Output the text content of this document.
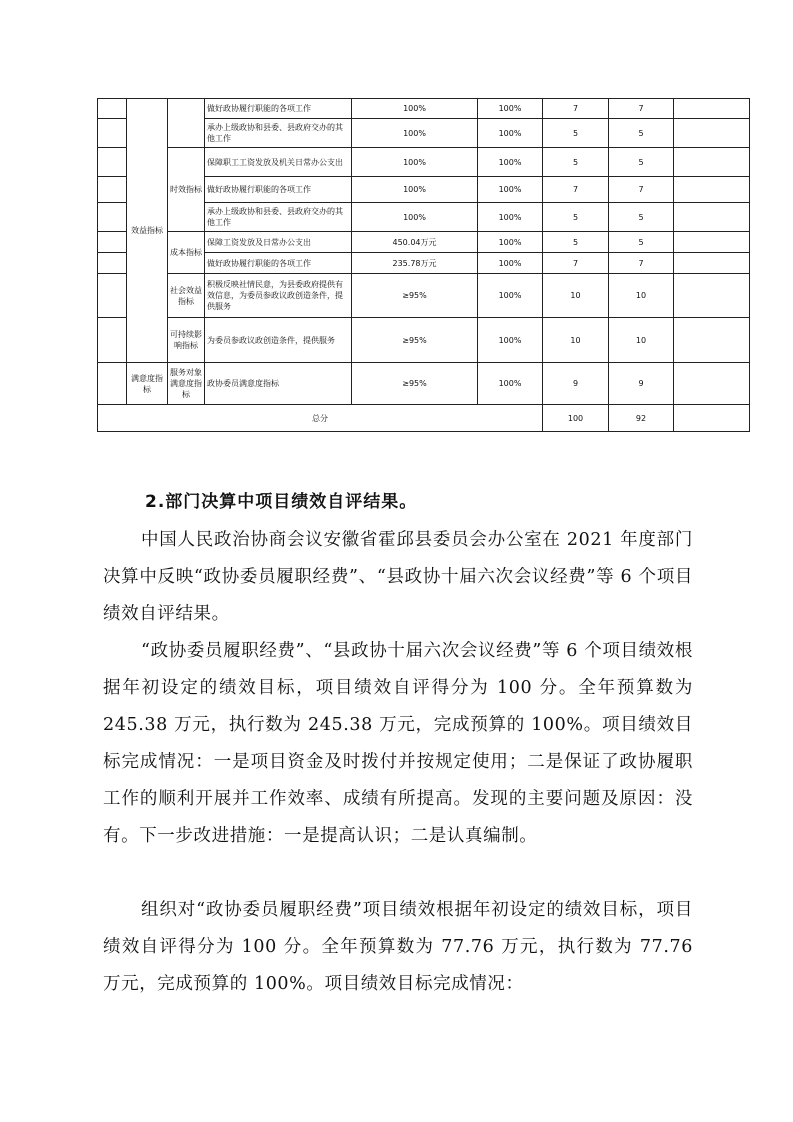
	效益指标		做好政协履行职能的各项工作	100%	100%	7	7	
			承办上级政协和县委、县政府交办的其他工作	100%	100%	5	5	
		时效指标	保障职工工资发放及机关日常办公支出	100%	100%	5	5	
			做好政协履行职能的各项工作	100%	100%	7	7	
			承办上级政协和县委、县政府交办的其他工作	100%	100%	5	5	
		成本指标	保障工资发放及日常办公支出	450.04万元	100%	5	5	
			做好政协履行职能的各项工作	235.78万元	100%	7	7	
		社会效益指标	积极反映社情民意，为县委政府提供有效信息，为委员参政议政创造条件，提供服务	≥95%	100%	10	10	
		可持续影响指标	为委员参政议政创造条件，提供服务	≥95%	100%	10	10	
	满意度指标	服务对象满意度指标	政协委员满意度指标	≥95%	100%	9	9	
总分						100	92	
2.部门决算中项目绩效自评结果。

中国人民政治协商会议安徽省霍邱县委员会办公室在 2021 年度部门决算中反映“政协委员履职经费”、“县政协十届六次会议经费”等 6 个项目绩效自评结果。

“政协委员履职经费”、“县政协十届六次会议经费”等 6 个项目绩效根据年初设定的绩效目标，项目绩效自评得分为 100 分。全年预算数为 245.38 万元，执行数为 245.38 万元，完成预算的 100%。项目绩效目标完成情况：一是项目资金及时拨付并按规定使用；二是保证了政协履职工作的顺利开展并工作效率、成绩有所提高。发现的主要问题及原因：没有。下一步改进措施：一是提高认识；二是认真编制。

组织对“政协委员履职经费”项目绩效根据年初设定的绩效目标，项目绩效自评得分为 100 分。全年预算数为 77.76 万元，执行数为 77.76 万元，完成预算的 100%。项目绩效目标完成情况：
